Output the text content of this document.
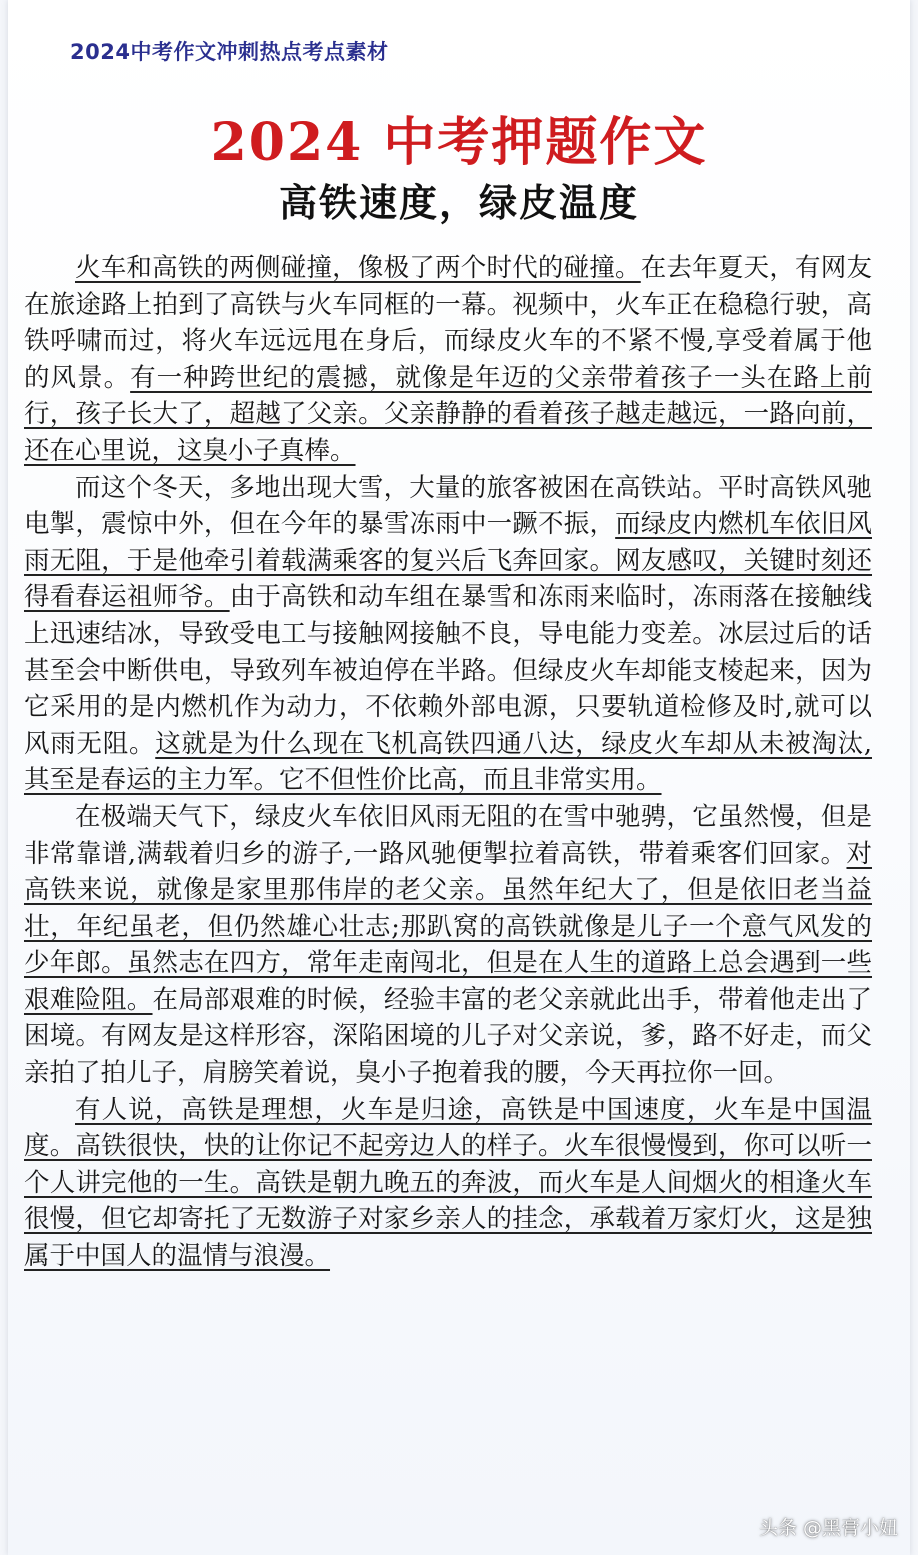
2024中考作文冲刺热点考点素材
2024 中考押题作文
高铁速度，绿皮温度

火车和高铁的两侧碰撞，像极了两个时代的碰撞。在去年夏天，有网友在旅途路上拍到了高铁与火车同框的一幕。视频中，火车正在稳稳行驶，高铁呼啸而过，将火车远远甩在身后，而绿皮火车的不紧不慢,享受着属于他的风景。有一种跨世纪的震撼，就像是年迈的父亲带着孩子一头在路上前行，孩子长大了，超越了父亲。父亲静静的看着孩子越走越远，一路向前，还在心里说，这臭小子真棒。

而这个冬天，多地出现大雪，大量的旅客被困在高铁站。平时高铁风驰电掣，震惊中外，但在今年的暴雪冻雨中一蹶不振，而绿皮内燃机车依旧风雨无阻，于是他牵引着载满乘客的复兴后飞奔回家。网友感叹，关键时刻还得看春运祖师爷。由于高铁和动车组在暴雪和冻雨来临时，冻雨落在接触线上迅速结冰，导致受电工与接触网接触不良，导电能力变差。冰层过后的话甚至会中断供电，导致列车被迫停在半路。但绿皮火车却能支棱起来，因为它采用的是内燃机作为动力，不依赖外部电源，只要轨道检修及时,就可以风雨无阻。这就是为什么现在飞机高铁四通八达，绿皮火车却从未被淘汰,其至是春运的主力军。它不但性价比高，而且非常实用。

在极端天气下，绿皮火车依旧风雨无阻的在雪中驰骋，它虽然慢，但是非常靠谱,满载着归乡的游子,一路风驰便掣拉着高铁，带着乘客们回家。对高铁来说，就像是家里那伟岸的老父亲。虽然年纪大了，但是依旧老当益壮，年纪虽老，但仍然雄心壮志;那趴窝的高铁就像是儿子一个意气风发的少年郎。虽然志在四方，常年走南闯北，但是在人生的道路上总会遇到一些艰难险阻。在局部艰难的时候，经验丰富的老父亲就此出手，带着他走出了困境。有网友是这样形容，深陷困境的儿子对父亲说，爹，路不好走，而父亲拍了拍儿子，肩膀笑着说，臭小子抱着我的腰，今天再拉你一回。

有人说，高铁是理想，火车是归途，高铁是中国速度，火车是中国温度。高铁很快，快的让你记不起旁边人的样子。火车很慢慢到，你可以听一个人讲完他的一生。高铁是朝九晚五的奔波，而火车是人间烟火的相逢火车很慢，但它却寄托了无数游子对家乡亲人的挂念，承载着万家灯火，这是独属于中国人的温情与浪漫。

头条 @黑膏小妞
